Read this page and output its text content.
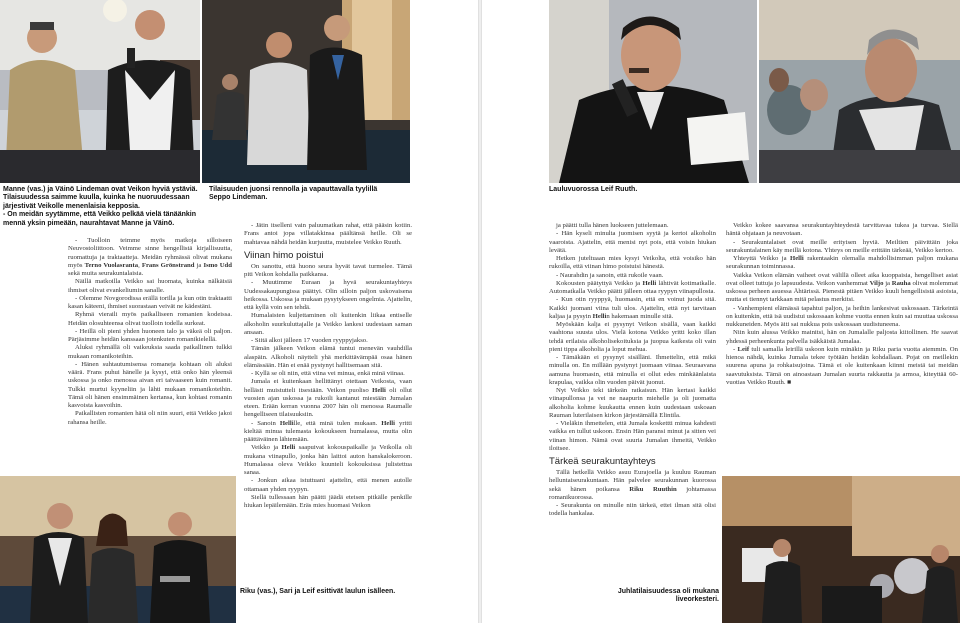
Manne (vas.) ja Väinö Lindeman ovat Veikon hyviä ystäviä.
Tilaisuudessa saimme kuulla, kuinka he nuoruudessaan
järjestivät Veikolle menenlaisia kepposia.
- On meidän syytämme, että Veikko pelkää vielä tänäänkin
mennä yksin pimeään, naurahtavat Manne ja Väinö.
Tilaisuuden juonsi rennolla ja vapauttavalla tyylillä
Seppo Lindeman.
Lauluvuorossa Leif Ruuth.
Riku (vas.), Sari ja Leif esittivät laulun isälleen.	Juhlatilaisuudessa oli mukana liveorkesteri.

- Tuolloin teimme myös matkoja silloiseen Neuvostoliittoon. Veimme sinne hengellistä kirjallisuutta, ruomattuja ja traktaatteja. Meidän ryhmässä olivat mukana myös Terno Vuolasranta, Frans Grönstrand ja Ismo Udd sekä muita seurakuntalaisia.

Näillä matkoilla Veikko sai huomata, kuinka nälkäisiä ihmiset olivat evankeliumin sanalle.

- Olemme Novgorodissa erällä torilla ja kun otin traktaatti kasan käteeni, ihmiset suorastaan veivät ne kädestäni.

Ryhmä vieraili myös paikalliseen romanien kodeissa. Heidän olosuhteensa olivat tuolloin todella surkeat.

- Heillä oli pieni yhden huoneen talo ja väkeä oli paljon. Pärjäsimme heidän kanssaan jotenkuten romanikielellä.

Aluksi ryhmällä oli vaikeuksia saada paikallinen tulkki mukaan romanikoteihin.

- Hänen suhtautumisensa romaneja kohtaan oli aluksi väärä. Frans puhui hänelle ja kysyi, että onko hän yleensä uskossa ja onko menossa aivan eri taivaaseen kuin romanit. Tulkki murtui kyyneliin ja lähti mukaan romanikoteihin. Tämä oli hänen ensimmäinen kertansa, kun kohtasi romanin kasvoista kasvoihin.

Paikallisten romanien hätä oli niin suuri, että Veikko jakoi rahansa heille.

- Jätin itselleni vain paluumatkan rahat, että pääsin kotiin. Frans antoi jopa villatakkinsa päältänsä heille. Oli se mahtavaa nähdä heidän kurjuutta, muistelee Veikko Ruuth.

Viinan himo poistui

On sanottu, että huono seura hyvät tavat turmelee. Tämä piti Veikon kohdalla paikkansa.

- Muutimme Euraan ja hyvä seurakuntayhteys Uudessakaupungissa päättyi. Olin silloin paljon uskovaisena heikossa. Uskossa ja mukaan pysytykseen ongelmia. Ajattelin, että kyllä voin sen tehdä.

Humalaisten kuljettaminen oli kuitenkin liikaa entiselle alkoholin suurkuluttajalle ja Veikko lankesi uudestaan saman ansaan.

- Siitä alkoi jälleen 17 vuoden ryyppyjakso.

Tämän jälkeen Veikon elämä tuntui menevän vauhdilla alaspäin. Alkoholi näytteli yhä merkittävämpää osaa hänen elämässään. Hän ei enää pystynyt hallitsemaan sitä.

- Kyllä se oli niin, että viina vei minua, enkä minä viinaa.

Jumala ei kuitenkaan hellittänyt otettaan Veikosta, vaan hellästi muistutteli itsestään. Veikon puoliso Helli oli ollut vuosien ajan uskossa ja rukoili kantanut miestään Jumalan eteen. Erään kerran vuonna 2007 hän oli menossa Raumalle hengelliseen tilaisuuksiin.

- Sanoin Hellille, että minä tulen mukaan. Helli yritti kieltää minua tulemasta kokoukseen humalassa, mutta olin päättäväinen lähtemään.

Veikko ja Helli saapuivat kokouspaikalle ja Veikolla oli mukana viinapullo, jonka hän laittoi auton hanskalokeroon. Humalassa oleva Veikko kuunteli kokouksissa julistettua sanaa.

- Jonkun aikaa istuttuani ajattelin, että menen autolle ottamaan yhden ryypyn.

Siellä tullessaan hän päätti jäädä eteisen pitkälle penkille hiukan lepäilemään. Eräs mies huomasi Veikon

ja päätti tulla hänen luokseen juttelemaan.

- Hän kyseli minulta juomisen syytä ja kertoi alkoholin vaaroista. Ajattelin, että menisi nyt pois, että voisin hiukan levätä.

Hetken juteltuaan mies kysyi Veikolta, että voisiko hän rukoilla, että viinan himo poistuisi hänestä.

- Naurahdin ja sanoin, että rukoile vaan.

Kokousten päätyttyä Veikko ja Helli lähtivät kotimatkalle. Automatkalla Veikko päätti jälleen ottaa ryypyn viinapullosta.

- Kun otin ryyppyä, huomasin, että en voinut juoda sitä. Kaikki juomani viina tuli ulos. Ajattelin, että nyt tarvitaan kaljaa ja pysyin Hellin hakemaan minulle sitä.

Myöskään kalja ei pysynyt Veikon sisällä, vaan kaikki vaahtona suusta ulos. Vielä kotona Veikko yritti koko illan tehdä erilaisia alkoholisekoituksia ja juopua kaikesta oli vain pieni tippa alkoholia ja loput mehua.

- Tämäkään ei pysynyt sisälläni. Ihmettelin, että mikä minulla on. En millään pystynyt juomaan viinaa. Seuraavana aamuna huomasin, että minulla ei ollut edes minkäänlaista krapulaa, vaikka olin vuoden päivät juonut.

Nyt Veikko teki tärkeän ratkaisun. Hän kertasi kaikki viinapullonsa ja vei ne naapurin miehelle ja oli juomatta alkoholia kohme kuukautta ennen kuin uudestaan uskoaan Rauman luterilaisen kirkon järjestämällä Elintila.

- Vieläkin ihmettelen, että Jumala koskettti minua kahdesti vaikka en tullut uskoon. Ensin Hän paransi minut ja sitten vei viinan himon. Nämä ovat suuria Jumalan ihmeitä, Veikko iloitsee.

Tärkeä seurakuntayhteys

Tällä hetkellä Veikko asuu Eurajoella ja kuuluu Rauman helluntaiseurakuntaan. Hän palvelee seurakunnan kuorossa sekä hänen poikansa Riku Ruuthin johtamassa romanikuorossa.

- Seurakunta on minulle niin tärkeä, ettei ilman sitä olisi todella hankalaa.

Veikko kokee saavansa seurakuntayhteydestä tarvittavaa tukea ja turvaa. Siellä häntä ohjataan ja neuvotaan.

- Seurakuntalaiset ovat meille erityisen hyviä. Meiltien päivittäin joka seurakuntalainen käy meillä kotona. Yhteys on meille erittäin tärkeää, Veikko kertoo.

Yhteyttä Veikko ja Helli rakentaakin olemalla mahdollisimman paljon mukana seurakunnan toiminnassa.

Vaikka Veikon elämän vaiheet ovat välillä olleet aika kuoppaisia, hengelliset asiat ovat olleet tuttuja jo lapsuudesta. Veikon vanhemmat Viljo ja Rauha olivat molemmat uskossa perheen asuessa Ähtärissä. Pienestä pitäen Veikko kuuli hengellisistä asioista, mutta ei tiennyt tarkkaan mitä pelastus merkitsi.

- Vanhempieni elämässä tapahtui paljon, ja heihin lankesivat uskossaan. Tärkeintä on kuitenkin, että isä uudistui uskossaan kohme vuotta ennen kuin sai muuttaa uskossa nukkuneiden. Myös äiti sai nukkua pois uskossaan uudistuneena.

Niin kuin alussa Veikko mainitsi, hän on Jumalalle paljosta kiitollinen. He saavat yhdessä perheenkunta palvella isäkkäistä Jumalaa.

- Leif tuli samalla leirillä uskoon kuin minäkin ja Riku paria vuotta aiemmin. On hienoa nähdä, kuinka Jumala tekee työtään heidän kohdallaan. Pojat on meillekin suurena apuna ja rohkaisujoina. Tämä ei ole kuitenkaan kiinni meistä tai meidän saavutuksista. Tämä on ainoastaan Jumalan suurta rakkautta ja armoa, kiteyttää 60-vuotias Veikko Ruuth. ■
